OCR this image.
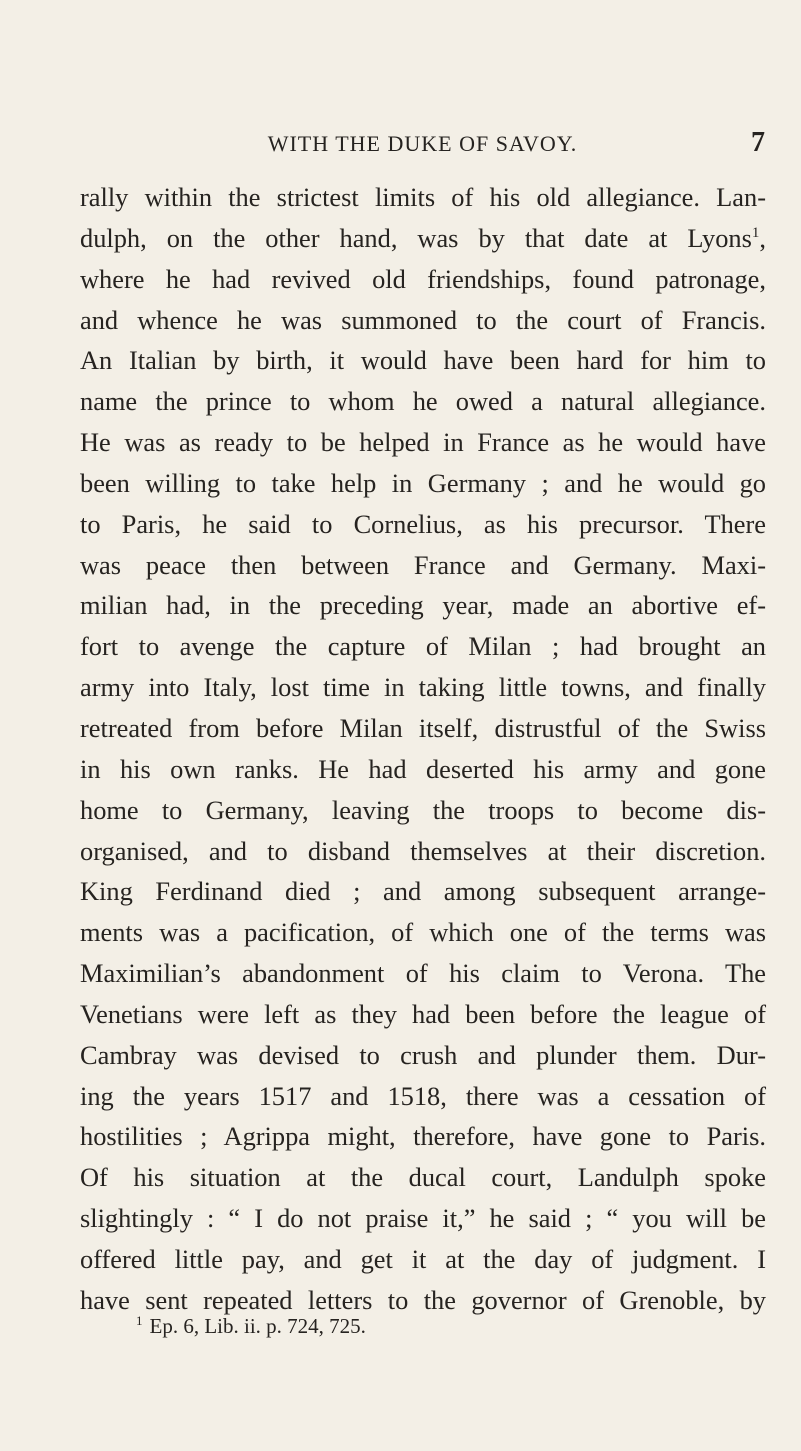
WITH THE DUKE OF SAVOY.	7
rally within the strictest limits of his old allegiance. Lan-
dulph, on the other hand, was by that date at Lyons$^1$,
where he had revived old friendships, found patronage,
and whence he was summoned to the court of Francis.
An Italian by birth, it would have been hard for him to
name the prince to whom he owed a natural allegiance.
He was as ready to be helped in France as he would have
been willing to take help in Germany ; and he would go
to Paris, he said to Cornelius, as his precursor. There
was peace then between France and Germany. Maxi-
milian had, in the preceding year, made an abortive ef-
fort to avenge the capture of Milan ; had brought an
army into Italy, lost time in taking little towns, and finally
retreated from before Milan itself, distrustful of the Swiss
in his own ranks. He had deserted his army and gone
home to Germany, leaving the troops to become dis-
organised, and to disband themselves at their discretion.
King Ferdinand died ; and among subsequent arrange-
ments was a pacification, of which one of the terms was
Maximilian’s abandonment of his claim to Verona. The
Venetians were left as they had been before the league of
Cambray was devised to crush and plunder them. Dur-
ing the years 1517 and 1518, there was a cessation of
hostilities ; Agrippa might, therefore, have gone to Paris.
Of his situation at the ducal court, Landulph spoke
slightingly : “ I do not praise it,” he said ; “ you will be
offered little pay, and get it at the day of judgment. I
have sent repeated letters to the governor of Grenoble, by
$^1$ Ep. 6, Lib. ii. p. 724, 725.
